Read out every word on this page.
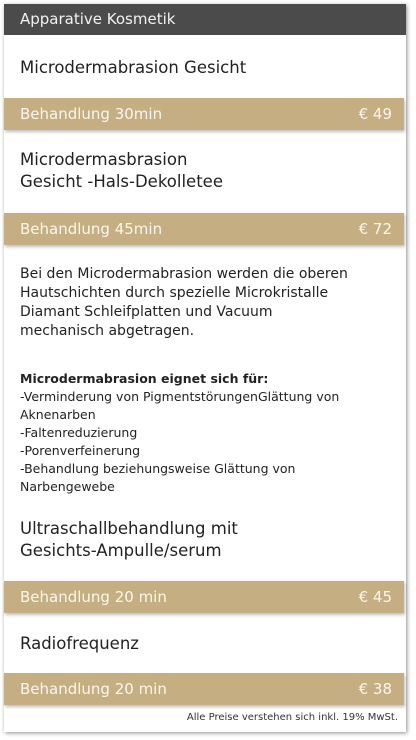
Apparative Kosmetik
Microdermabrasion Gesicht
Behandlung 30min	€ 49
Microdermasbrasion
Gesicht -Hals-Dekolletee
Behandlung 45min	€ 72
Bei den Microdermabrasion werden die oberen
Hautschichten durch spezielle Microkristalle
Diamant Schleifplatten und Vacuum
mechanisch abgetragen.
Microdermabrasion eignet sich für:
-Verminderung von PigmentstörungenGlättung von
Aknenarben
-Faltenreduzierung
-Porenverfeinerung
-Behandlung beziehungsweise Glättung von
Narbengewebe
Ultraschallbehandlung mit
Gesichts-Ampulle/serum
Behandlung 20 min	€ 45
Radiofrequenz
Behandlung 20 min	€ 38
Alle Preise verstehen sich inkl. 19% MwSt.
